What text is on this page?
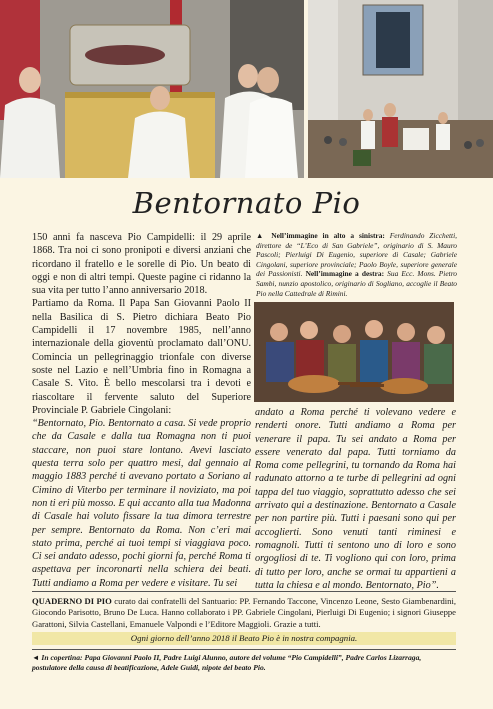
Bentornato Pio

150 anni fa nasceva Pio Campidelli: il 29 aprile 1868. Tra noi ci sono pronipoti e diversi anziani che ricordano il fratello e le sorelle di Pio. Un beato di oggi e non di altri tempi. Queste pagine ci ridanno la sua vita per tutto l’anno anniversario 2018.

Partiamo da Roma. Il Papa San Giovanni Paolo II nella Basilica di S. Pietro dichiara Beato Pio Campidelli il 17 novembre 1985, nell’anno internazionale della gioventù proclamato dall’ONU. Comincia un pellegrinaggio trionfale con diverse soste nel Lazio e nell’Umbria fino in Romagna a Casale S. Vito. È bello mescolarsi tra i devoti e riascoltare il fervente saluto del Superiore Provinciale P. Gabriele Cingolani:

“Bentornato, Pio. Bentornato a casa. Si vede proprio che da Casale e dalla tua Romagna non ti puoi staccare, non puoi stare lontano. Avevi lasciato questa terra solo per quattro mesi, dal gennaio al maggio 1883 perché ti avevano portato a Soriano al Cimino di Viterbo per terminare il noviziato, ma poi non ti eri più mosso. E qui accanto alla tua Madonna di Casale hai voluto fissare la tua dimora terrestre per sempre. Bentornato da Roma. Non c’eri mai stato prima, perché ai tuoi tempi si viaggiava poco. Ci sei andato adesso, pochi giorni fa, perché Roma ti aspettava per incoronarti nella schiera dei beati. Tutti andiamo a Roma per vedere e visitare. Tu sei

▲ Nell’immagine in alto a sinistra: Ferdinando Zicchetti, direttore de “L’Eco di San Gabriele”, originario di S. Mauro Pascoli; Pierluigi Di Eugenio, superiore di Casale; Gabriele Cingolani, superiore provinciale; Paolo Boyle, superiore generale dei Passionisti. Nell’immagine a destra: Sua Ecc. Mons. Pietro Sambi, nunzio apostolico, originario di Sogliano, accoglie il Beato Pio nella Cattedrale di Rimini.

andato a Roma perché ti volevano vedere e renderti onore. Tutti andiamo a Roma per venerare il papa. Tu sei andato a Roma per essere venerato dal papa. Tutti torniamo da Roma come pellegrini, tu tornando da Roma hai radunato attorno a te turbe di pellegrini ad ogni tappa del tuo viaggio, soprattutto adesso che sei arrivato qui a destinazione. Bentornato a Casale per non partire più. Tutti i paesani sono qui per accoglierti. Sono venuti tanti riminesi e romagnoli. Tutti ti sentono uno di loro e sono orgogliosi di te. Ti vogliono qui con loro, prima di tutto per loro, anche se ormai tu appartieni a tutta la chiesa e al mondo. Bentornato, Pio”.

QUADERNO DI PIO curato dai confratelli del Santuario: PP. Fernando Taccone, Vincenzo Leone, Sesto Giambenardini, Giocondo Parisotto, Bruno De Luca. Hanno collaborato i PP. Gabriele Cingolani, Pierluigi Di Eugenio; i signori Giuseppe Garattoni, Silvia Castellani, Emanuele Valpondi e l’Editore Maggioli. Grazie a tutti.
Ogni giorno dell’anno 2018 il Beato Pio è in nostra compagnia.
◄ In copertina: Papa Giovanni Paolo II, Padre Luigi Alunno, autore del volume “Pio Campidelli”, Padre Carlos Lizarraga, postulatore della causa di beatificazione, Adele Guidi, nipote del beato Pio.
